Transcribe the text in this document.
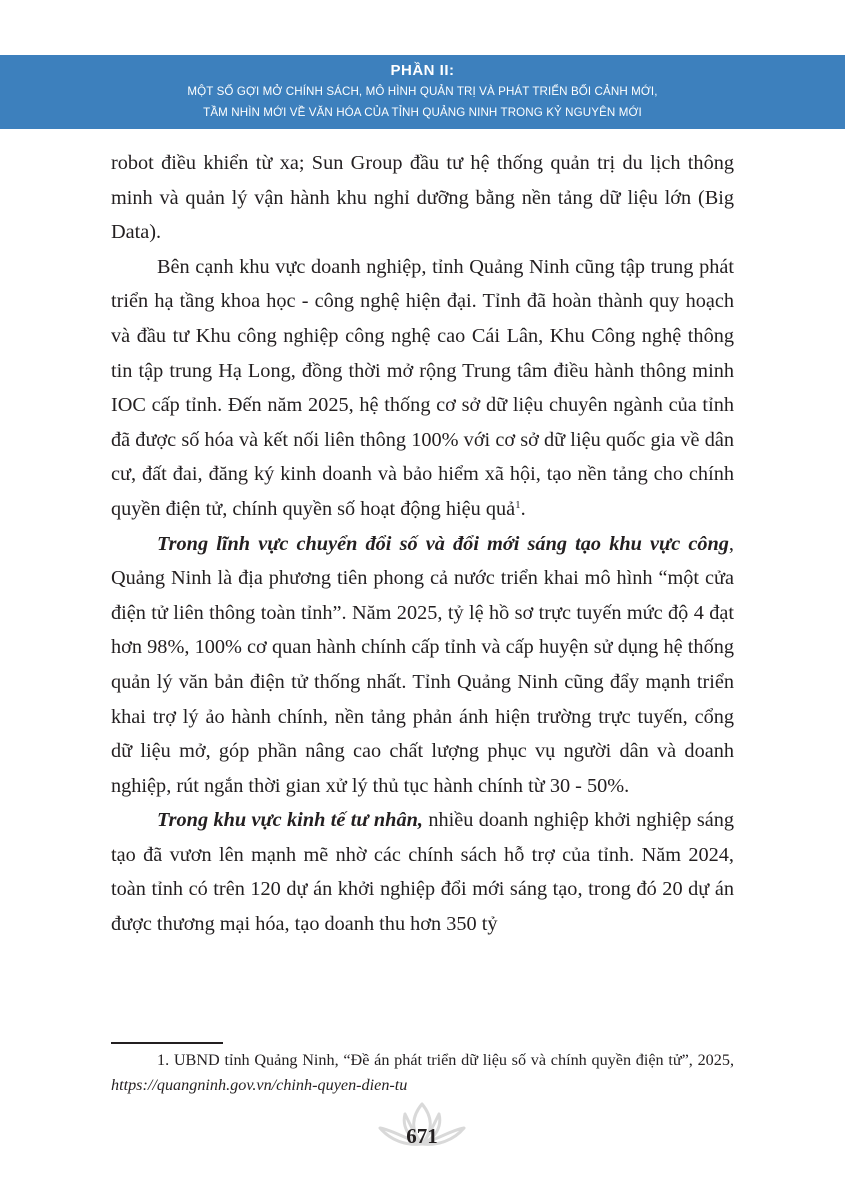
PHẦN II:
MỘT SỐ GỢI MỞ CHÍNH SÁCH, MÔ HÌNH QUẢN TRỊ VÀ PHÁT TRIỂN BỐI CẢNH MỚI,
TẦM NHÌN MỚI VỀ VĂN HÓA CỦA TỈNH QUẢNG NINH TRONG KỶ NGUYÊN MỚI

robot điều khiển từ xa; Sun Group đầu tư hệ thống quản trị du lịch thông minh và quản lý vận hành khu nghỉ dưỡng bằng nền tảng dữ liệu lớn (Big Data).

Bên cạnh khu vực doanh nghiệp, tỉnh Quảng Ninh cũng tập trung phát triển hạ tầng khoa học - công nghệ hiện đại. Tỉnh đã hoàn thành quy hoạch và đầu tư Khu công nghiệp công nghệ cao Cái Lân, Khu Công nghệ thông tin tập trung Hạ Long, đồng thời mở rộng Trung tâm điều hành thông minh IOC cấp tỉnh. Đến năm 2025, hệ thống cơ sở dữ liệu chuyên ngành của tỉnh đã được số hóa và kết nối liên thông 100% với cơ sở dữ liệu quốc gia về dân cư, đất đai, đăng ký kinh doanh và bảo hiểm xã hội, tạo nền tảng cho chính quyền điện tử, chính quyền số hoạt động hiệu quả$^1$.

Trong lĩnh vực chuyển đổi số và đổi mới sáng tạo khu vực công, Quảng Ninh là địa phương tiên phong cả nước triển khai mô hình “một cửa điện tử liên thông toàn tỉnh”. Năm 2025, tỷ lệ hồ sơ trực tuyến mức độ 4 đạt hơn 98%, 100% cơ quan hành chính cấp tỉnh và cấp huyện sử dụng hệ thống quản lý văn bản điện tử thống nhất. Tỉnh Quảng Ninh cũng đẩy mạnh triển khai trợ lý ảo hành chính, nền tảng phản ánh hiện trường trực tuyến, cổng dữ liệu mở, góp phần nâng cao chất lượng phục vụ người dân và doanh nghiệp, rút ngắn thời gian xử lý thủ tục hành chính từ 30 - 50%.

Trong khu vực kinh tế tư nhân, nhiều doanh nghiệp khởi nghiệp sáng tạo đã vươn lên mạnh mẽ nhờ các chính sách hỗ trợ của tỉnh. Năm 2024, toàn tỉnh có trên 120 dự án khởi nghiệp đổi mới sáng tạo, trong đó 20 dự án được thương mại hóa, tạo doanh thu hơn 350 tỷ

1. UBND tỉnh Quảng Ninh, “Đề án phát triển dữ liệu số và chính quyền điện tử”, 2025, https://quangninh.gov.vn/chinh-quyen-dien-tu

671
